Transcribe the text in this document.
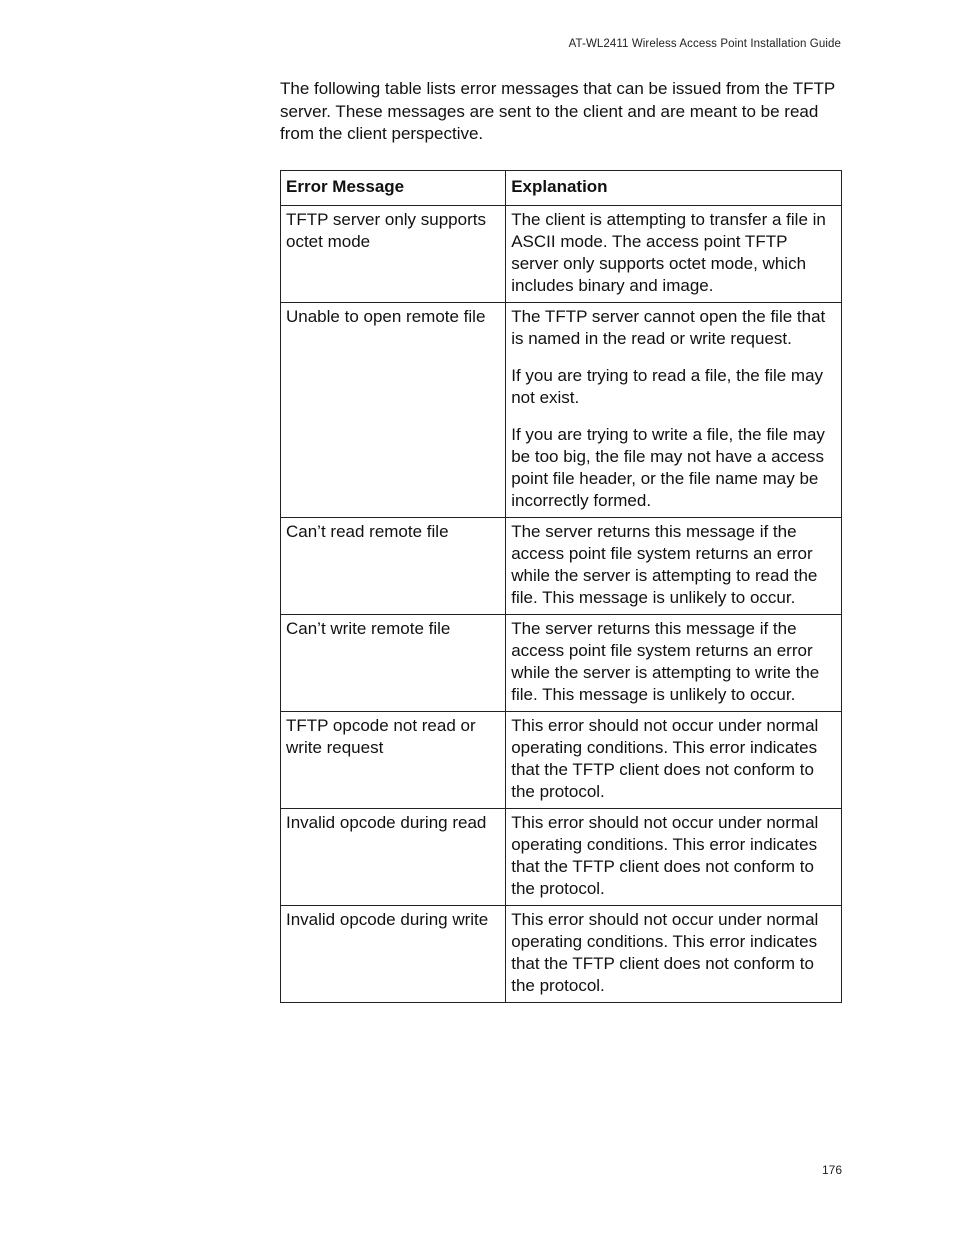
AT-WL2411 Wireless Access Point Installation Guide

The following table lists error messages that can be issued from the TFTP server. These messages are sent to the client and are meant to be read from the client perspective.

Error Message	Explanation
TFTP server only supports octet mode	The client is attempting to transfer a file in ASCII mode. The access point TFTP server only supports octet mode, which includes binary and image.

Unable to open remote file	The TFTP server cannot open the file that is named in the read or write request.

If you are trying to read a file, the file may not exist.

If you are trying to write a file, the file may be too big, the file may not have a access point file header, or the file name may be incorrectly formed.

Can’t read remote file	The server returns this message if the access point file system returns an error while the server is attempting to read the file. This message is unlikely to occur.

Can’t write remote file	The server returns this message if the access point file system returns an error while the server is attempting to write the file. This message is unlikely to occur.

TFTP opcode not read or write request	This error should not occur under normal operating conditions. This error indicates that the TFTP client does not conform to the protocol.

Invalid opcode during read	This error should not occur under normal operating conditions. This error indicates that the TFTP client does not conform to the protocol.

Invalid opcode during write	This error should not occur under normal operating conditions. This error indicates that the TFTP client does not conform to the protocol.

176
